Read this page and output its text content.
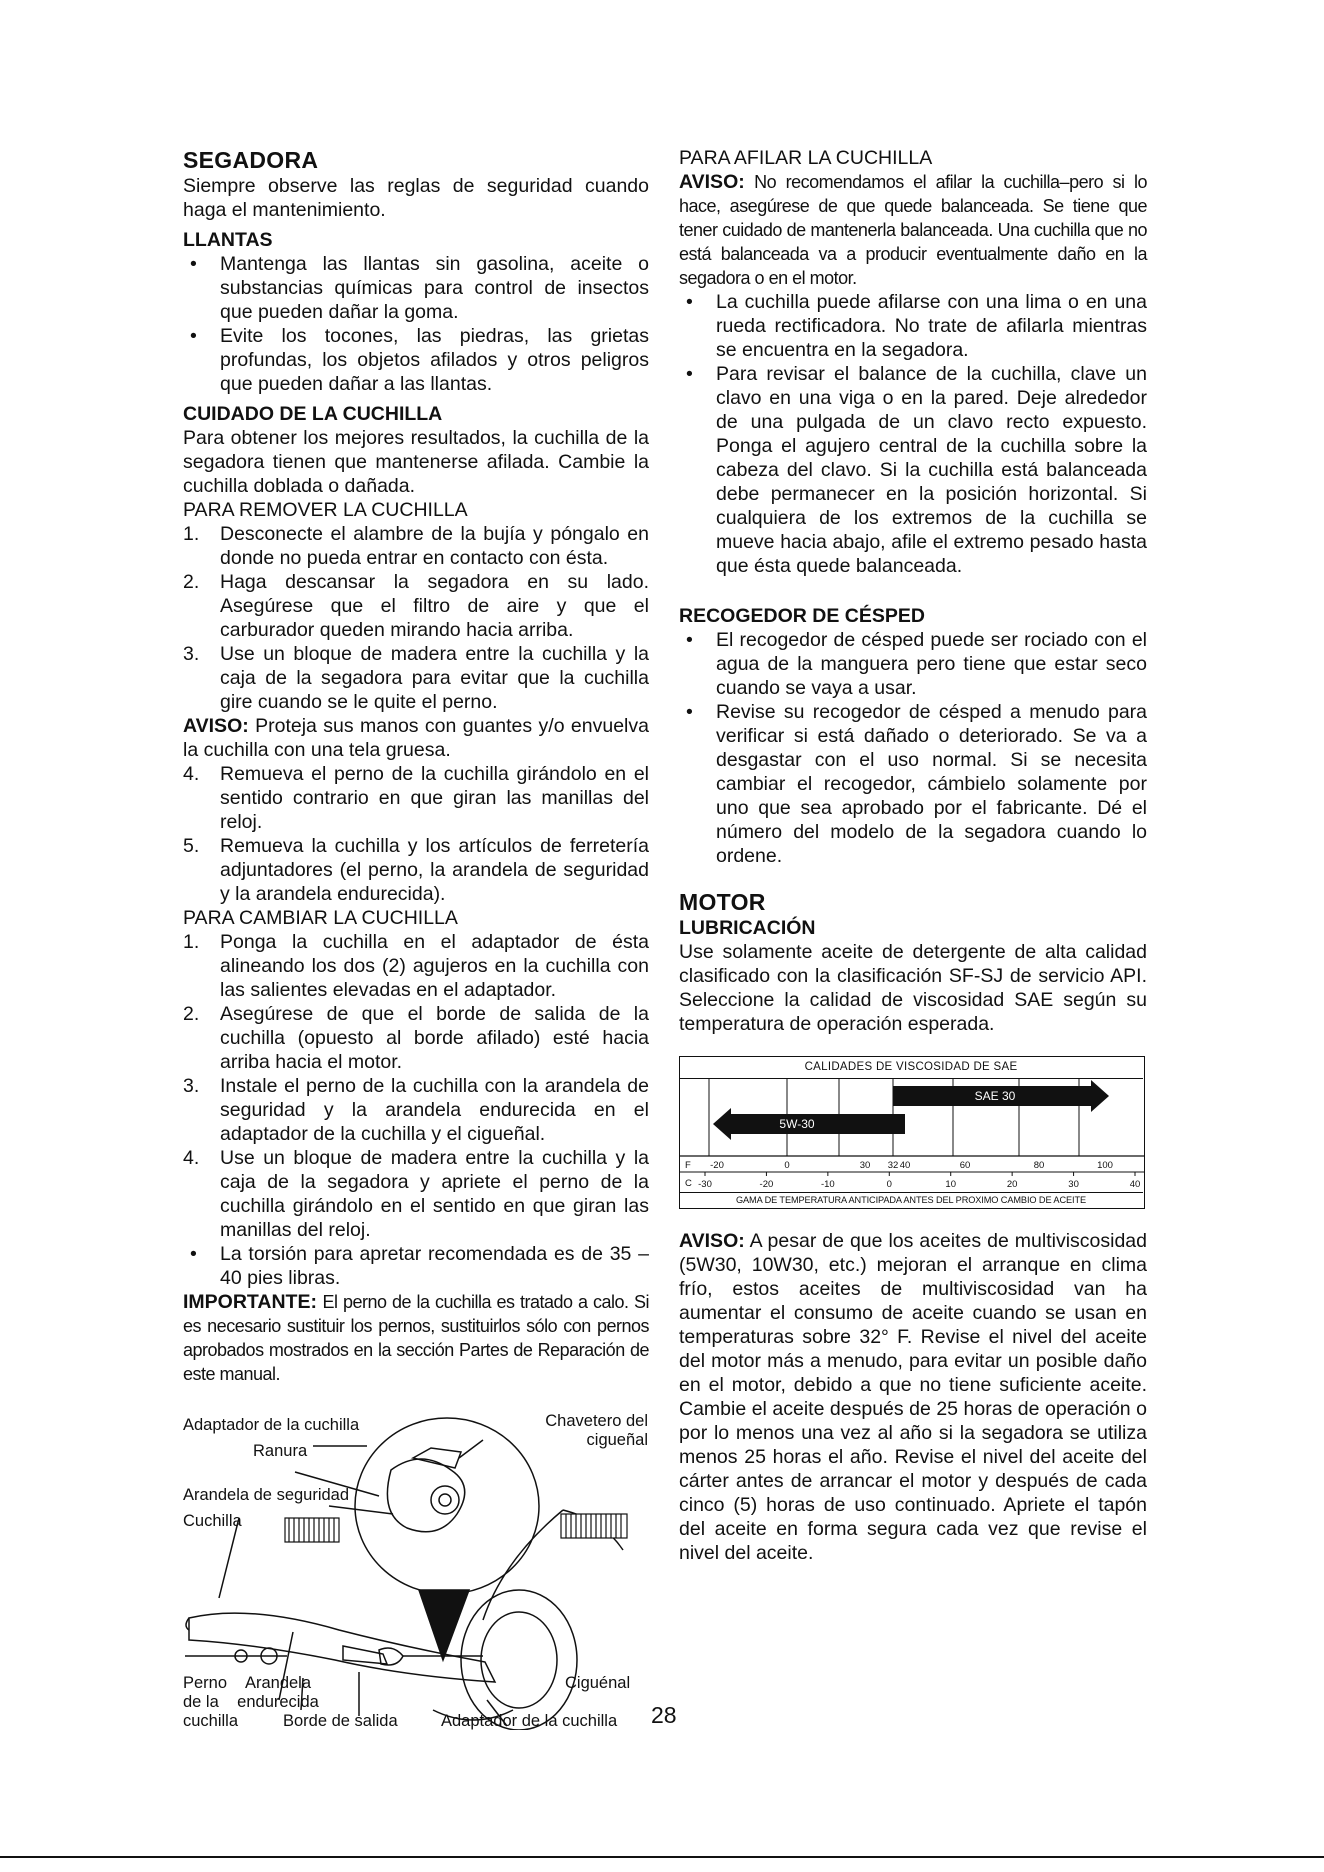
SEGADORA

Siempre observe las reglas de seguridad cuando haga el mantenimiento.

LLANTAS
• Mantenga las llantas sin gasolina, aceite o substancias químicas para control de insectos que pueden dañar la goma.
• Evite los tocones, las piedras, las grietas profundas, los objetos afilados y otros peligros que pueden dañar a las llantas.
CUIDADO DE LA CUCHILLA

Para obtener los mejores resultados, la cuchilla de la segadora tienen que mantenerse afilada. Cambie la cuchilla doblada o dañada.

PARA REMOVER LA CUCHILLA
1. Desconecte el alambre de la bujía y póngalo en donde no pueda entrar en contacto con ésta.
2. Haga descansar la segadora en su lado. Asegúrese que el filtro de aire y que el carburador queden mirando hacia arriba.
3. Use un bloque de madera entre la cuchilla y la caja de la segadora para evitar que la cuchilla gire cuando se le quite el perno.

AVISO: Proteja sus manos con guantes y/o envuelva la cuchilla con una tela gruesa.

4. Remueva el perno de la cuchilla girándolo en el sentido contrario en que giran las manillas del reloj.
5. Remueva la cuchilla y los artículos de ferretería adjuntadores (el perno, la arandela de seguridad y la arandela endurecida).
PARA CAMBIAR LA CUCHILLA
1. Ponga la cuchilla en el adaptador de ésta alineando los dos (2) agujeros en la cuchilla con las salientes elevadas en el adaptador.
2. Asegúrese de que el borde de salida de la cuchilla (opuesto al borde afilado) esté hacia arriba hacia el motor.
3. Instale el perno de la cuchilla con la arandela de seguridad y la arandela endurecida en el adaptador de la cuchilla y el cigueñal.
4. Use un bloque de madera entre la cuchilla y la caja de la segadora y apriete el perno de la cuchilla girándolo en el sentido en que giran las manillas del reloj.
• La torsión para apretar recomendada es de 35 – 40 pies libras.

IMPORTANTE: El perno de la cuchilla es tratado a calo. Si es necesario sustituir los pernos, sustituirlos sólo con pernos aprobados mostrados en la sección Partes de Reparación de este manual.

Adaptador de la cuchilla	Chavetero del cigueñal
Ranura
Arandela de seguridad
Cuchilla
Perno de la cuchilla
Arandela endurecida
Borde de salida	Adaptador de la cuchilla
Ciguénal
28
PARA AFILAR LA CUCHILLA

AVISO: No recomendamos el afilar la cuchilla–pero si lo hace, asegúrese de que quede balanceada. Se tiene que tener cuidado de mantenerla balanceada. Una cuchilla que no está balanceada va a producir eventualmente daño en la segadora o en el motor.

• La cuchilla puede afilarse con una lima o en una rueda rectificadora. No trate de afilarla mientras se encuentra en la segadora.
• Para revisar el balance de la cuchilla, clave un clavo en una viga o en la pared. Deje alrededor de una pulgada de un clavo recto expuesto. Ponga el agujero central de la cuchilla sobre la cabeza del clavo. Si la cuchilla está balanceada debe permanecer en la posición horizontal. Si cualquiera de los extremos de la cuchilla se mueve hacia abajo, afile el extremo pesado hasta que ésta quede balanceada.
RECOGEDOR DE CÉSPED
• El recogedor de césped puede ser rociado con el agua de la manguera pero tiene que estar seco cuando se vaya a usar.
• Revise su recogedor de césped a menudo para verificar si está dañado o deteriorado. Se va a desgastar con el uso normal. Si se necesita cambiar el recogedor, cámbielo solamente por uno que sea aprobado por el fabricante. Dé el número del modelo de la segadora cuando lo ordene.
MOTOR
LUBRICACIÓN

Use solamente aceite de detergente de alta calidad clasificado con la clasificación SF-SJ de servicio API. Seleccione la calidad de viscosidad SAE según su temperatura de operación esperada.

CALIDADES DE VISCOSIDAD DE SAE
SAE 30
5W-30
F -20	0	30 32 40	60	80	100
C -30	-20	-10	0	10	20	30	40
GAMA DE TEMPERATURA ANTICIPADA ANTES DEL PROXIMO CAMBIO DE ACEITE

AVISO: A pesar de que los aceites de multiviscosidad (5W30, 10W30, etc.) mejoran el arranque en clima frío, estos aceites de multiviscosidad van ha aumentar el consumo de aceite cuando se usan en temperaturas sobre 32° F. Revise el nivel del aceite del motor más a menudo, para evitar un posible daño en el motor, debido a que no tiene suficiente aceite. Cambie el aceite después de 25 horas de operación o por lo menos una vez al año si la segadora se utiliza menos 25 horas el año. Revise el nivel del aceite del cárter antes de arrancar el motor y después de cada cinco (5) horas de uso continuado. Apriete el tapón del aceite en forma segura cada vez que revise el nivel del aceite.
